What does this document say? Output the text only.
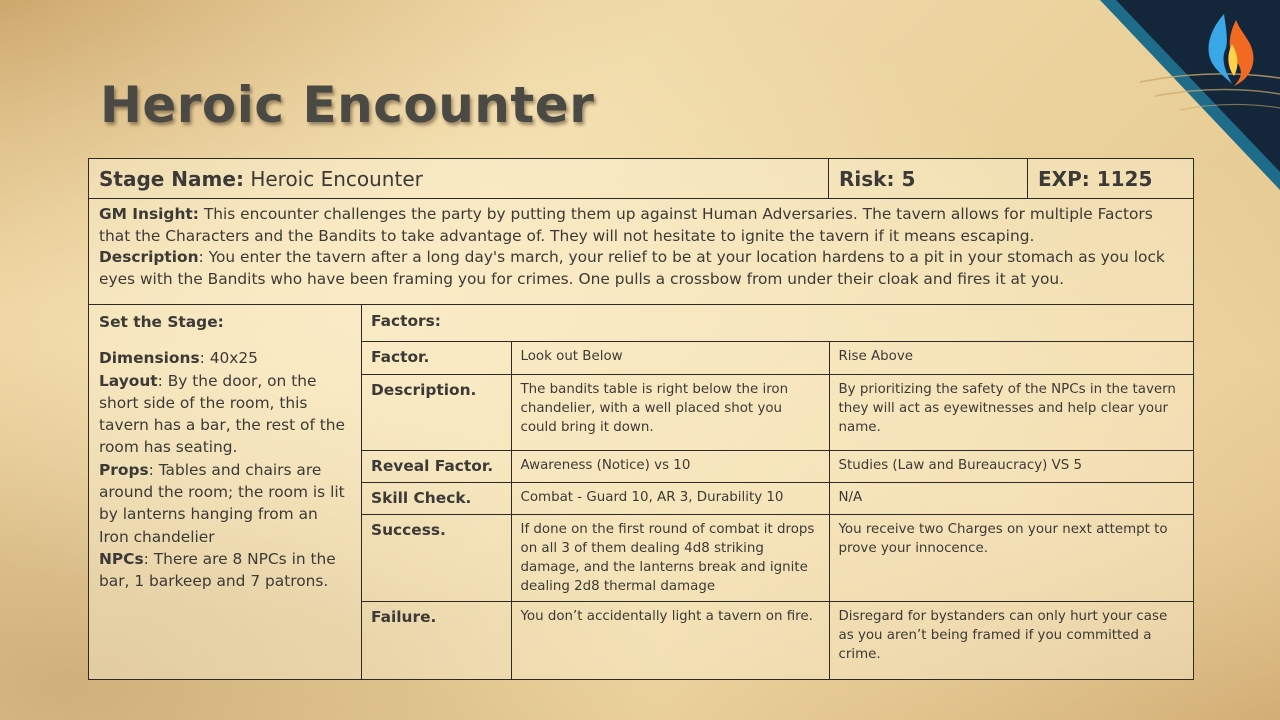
Heroic Encounter
Stage Name: Heroic Encounter	Risk: 5	EXP: 1125
GM Insight: This encounter challenges the party by putting them up against Human Adversaries. The tavern allows for multiple Factors that the Characters and the Bandits to take advantage of. They will not hesitate to ignite the tavern if it means escaping.
Description: You enter the tavern after a long day's march, your relief to be at your location hardens to a pit in your stomach as you lock eyes with the Bandits who have been framing you for crimes. One pulls a crossbow from under their cloak and fires it at you.

Set the Stage:
Dimensions: 40x25
Layout: By the door, on the short side of the room, this tavern has a bar, the rest of the room has seating.
Props: Tables and chairs are around the room; the room is lit by lanterns hanging from an Iron chandelier
NPCs: There are 8 NPCs in the bar, 1 barkeep and 7 patrons.

Factors:
Factor.	Look out Below	Rise Above
Description.	The bandits table is right below the iron chandelier, with a well placed shot you could bring it down.	By prioritizing the safety of the NPCs in the tavern they will act as eyewitnesses and help clear your name.
Reveal Factor.	Awareness (Notice) vs 10	Studies (Law and Bureaucracy) VS 5
Skill Check.	Combat - Guard 10, AR 3, Durability 10	N/A
Success.	If done on the first round of combat it drops on all 3 of them dealing 4d8 striking damage, and the lanterns break and ignite dealing 2d8 thermal damage	You receive two Charges on your next attempt to prove your innocence.
Failure.	You don’t accidentally light a tavern on fire.	Disregard for bystanders can only hurt your case as you aren’t being framed if you committed a crime.
